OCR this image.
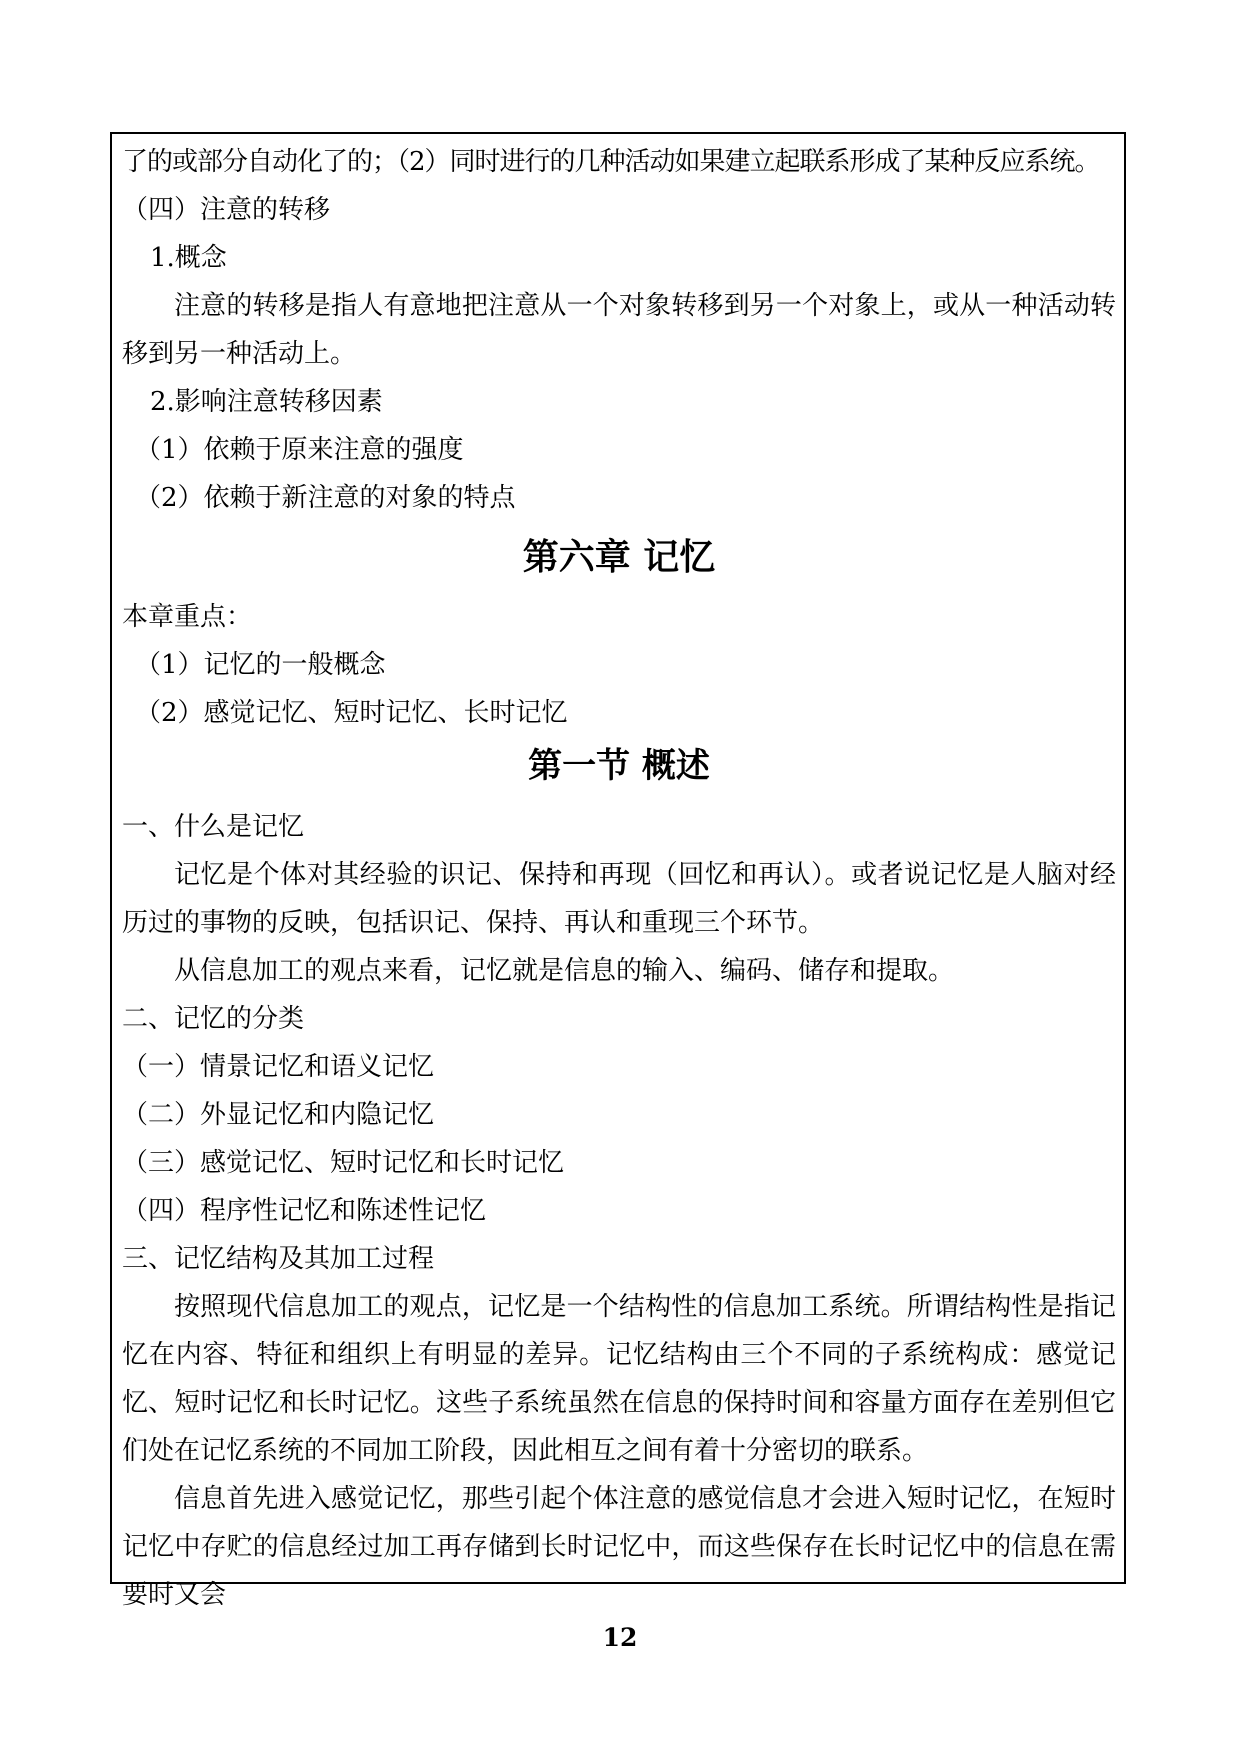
了的或部分自动化了的；（2）同时进行的几种活动如果建立起联系形成了某种反应系统。

（四）注意的转移

1.概念

注意的转移是指人有意地把注意从一个对象转移到另一个对象上，或从一种活动转移到另一种活动上。

2.影响注意转移因素

（1）依赖于原来注意的强度

（2）依赖于新注意的对象的特点

第六章 记忆

本章重点：

（1）记忆的一般概念

（2）感觉记忆、短时记忆、长时记忆

第一节 概述

一、什么是记忆

记忆是个体对其经验的识记、保持和再现（回忆和再认）。或者说记忆是人脑对经历过的事物的反映，包括识记、保持、再认和重现三个环节。

从信息加工的观点来看，记忆就是信息的输入、编码、储存和提取。

二、记忆的分类

（一）情景记忆和语义记忆

（二）外显记忆和内隐记忆

（三）感觉记忆、短时记忆和长时记忆

（四）程序性记忆和陈述性记忆

三、记忆结构及其加工过程

按照现代信息加工的观点，记忆是一个结构性的信息加工系统。所谓结构性是指记忆在内容、特征和组织上有明显的差异。记忆结构由三个不同的子系统构成：感觉记忆、短时记忆和长时记忆。这些子系统虽然在信息的保持时间和容量方面存在差别但它们处在记忆系统的不同加工阶段，因此相互之间有着十分密切的联系。

信息首先进入感觉记忆，那些引起个体注意的感觉信息才会进入短时记忆，在短时记忆中存贮的信息经过加工再存储到长时记忆中，而这些保存在长时记忆中的信息在需要时又会

12
